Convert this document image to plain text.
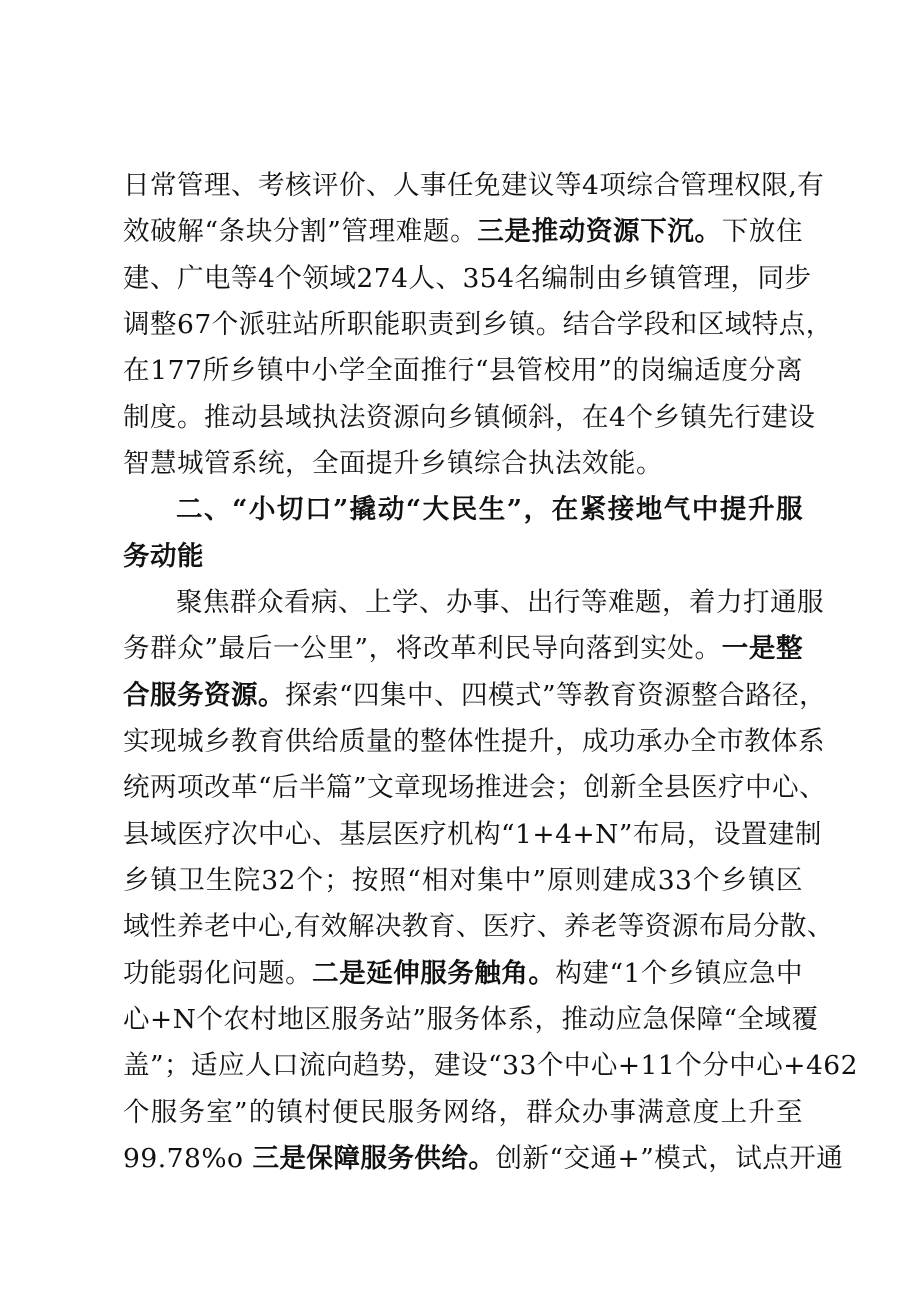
日常管理、考核评价、人事任免建议等4项综合管理权限,有
效破解“条块分割”管理难题。三是推动资源下沉。下放住
建、广电等4个领域274人、354名编制由乡镇管理，同步
调整67个派驻站所职能职责到乡镇。结合学段和区域特点，
在177所乡镇中小学全面推行“县管校用”的岗编适度分离
制度。推动县域执法资源向乡镇倾斜，在4个乡镇先行建设
智慧城管系统，全面提升乡镇综合执法效能。
二、“小切口”撬动“大民生”，在紧接地气中提升服
务动能
聚焦群众看病、上学、办事、出行等难题，着力打通服
务群众”最后一公里”，将改革利民导向落到实处。一是整
合服务资源。探索“四集中、四模式”等教育资源整合路径，
实现城乡教育供给质量的整体性提升，成功承办全市教体系
统两项改革“后半篇”文章现场推进会；创新全县医疗中心、
县域医疗次中心、基层医疗机构“1+4+N”布局，设置建制
乡镇卫生院32个；按照“相对集中”原则建成33个乡镇区
域性养老中心,有效解决教育、医疗、养老等资源布局分散、
功能弱化问题。二是延伸服务触角。构建“1个乡镇应急中
心+N个农村地区服务站”服务体系，推动应急保障“全域覆
盖”；适应人口流向趋势，建设“33个中心+11个分中心+462
个服务室”的镇村便民服务网络，群众办事满意度上升至
99.78%o 三是保障服务供给。创新“交通+”模式，试点开通
